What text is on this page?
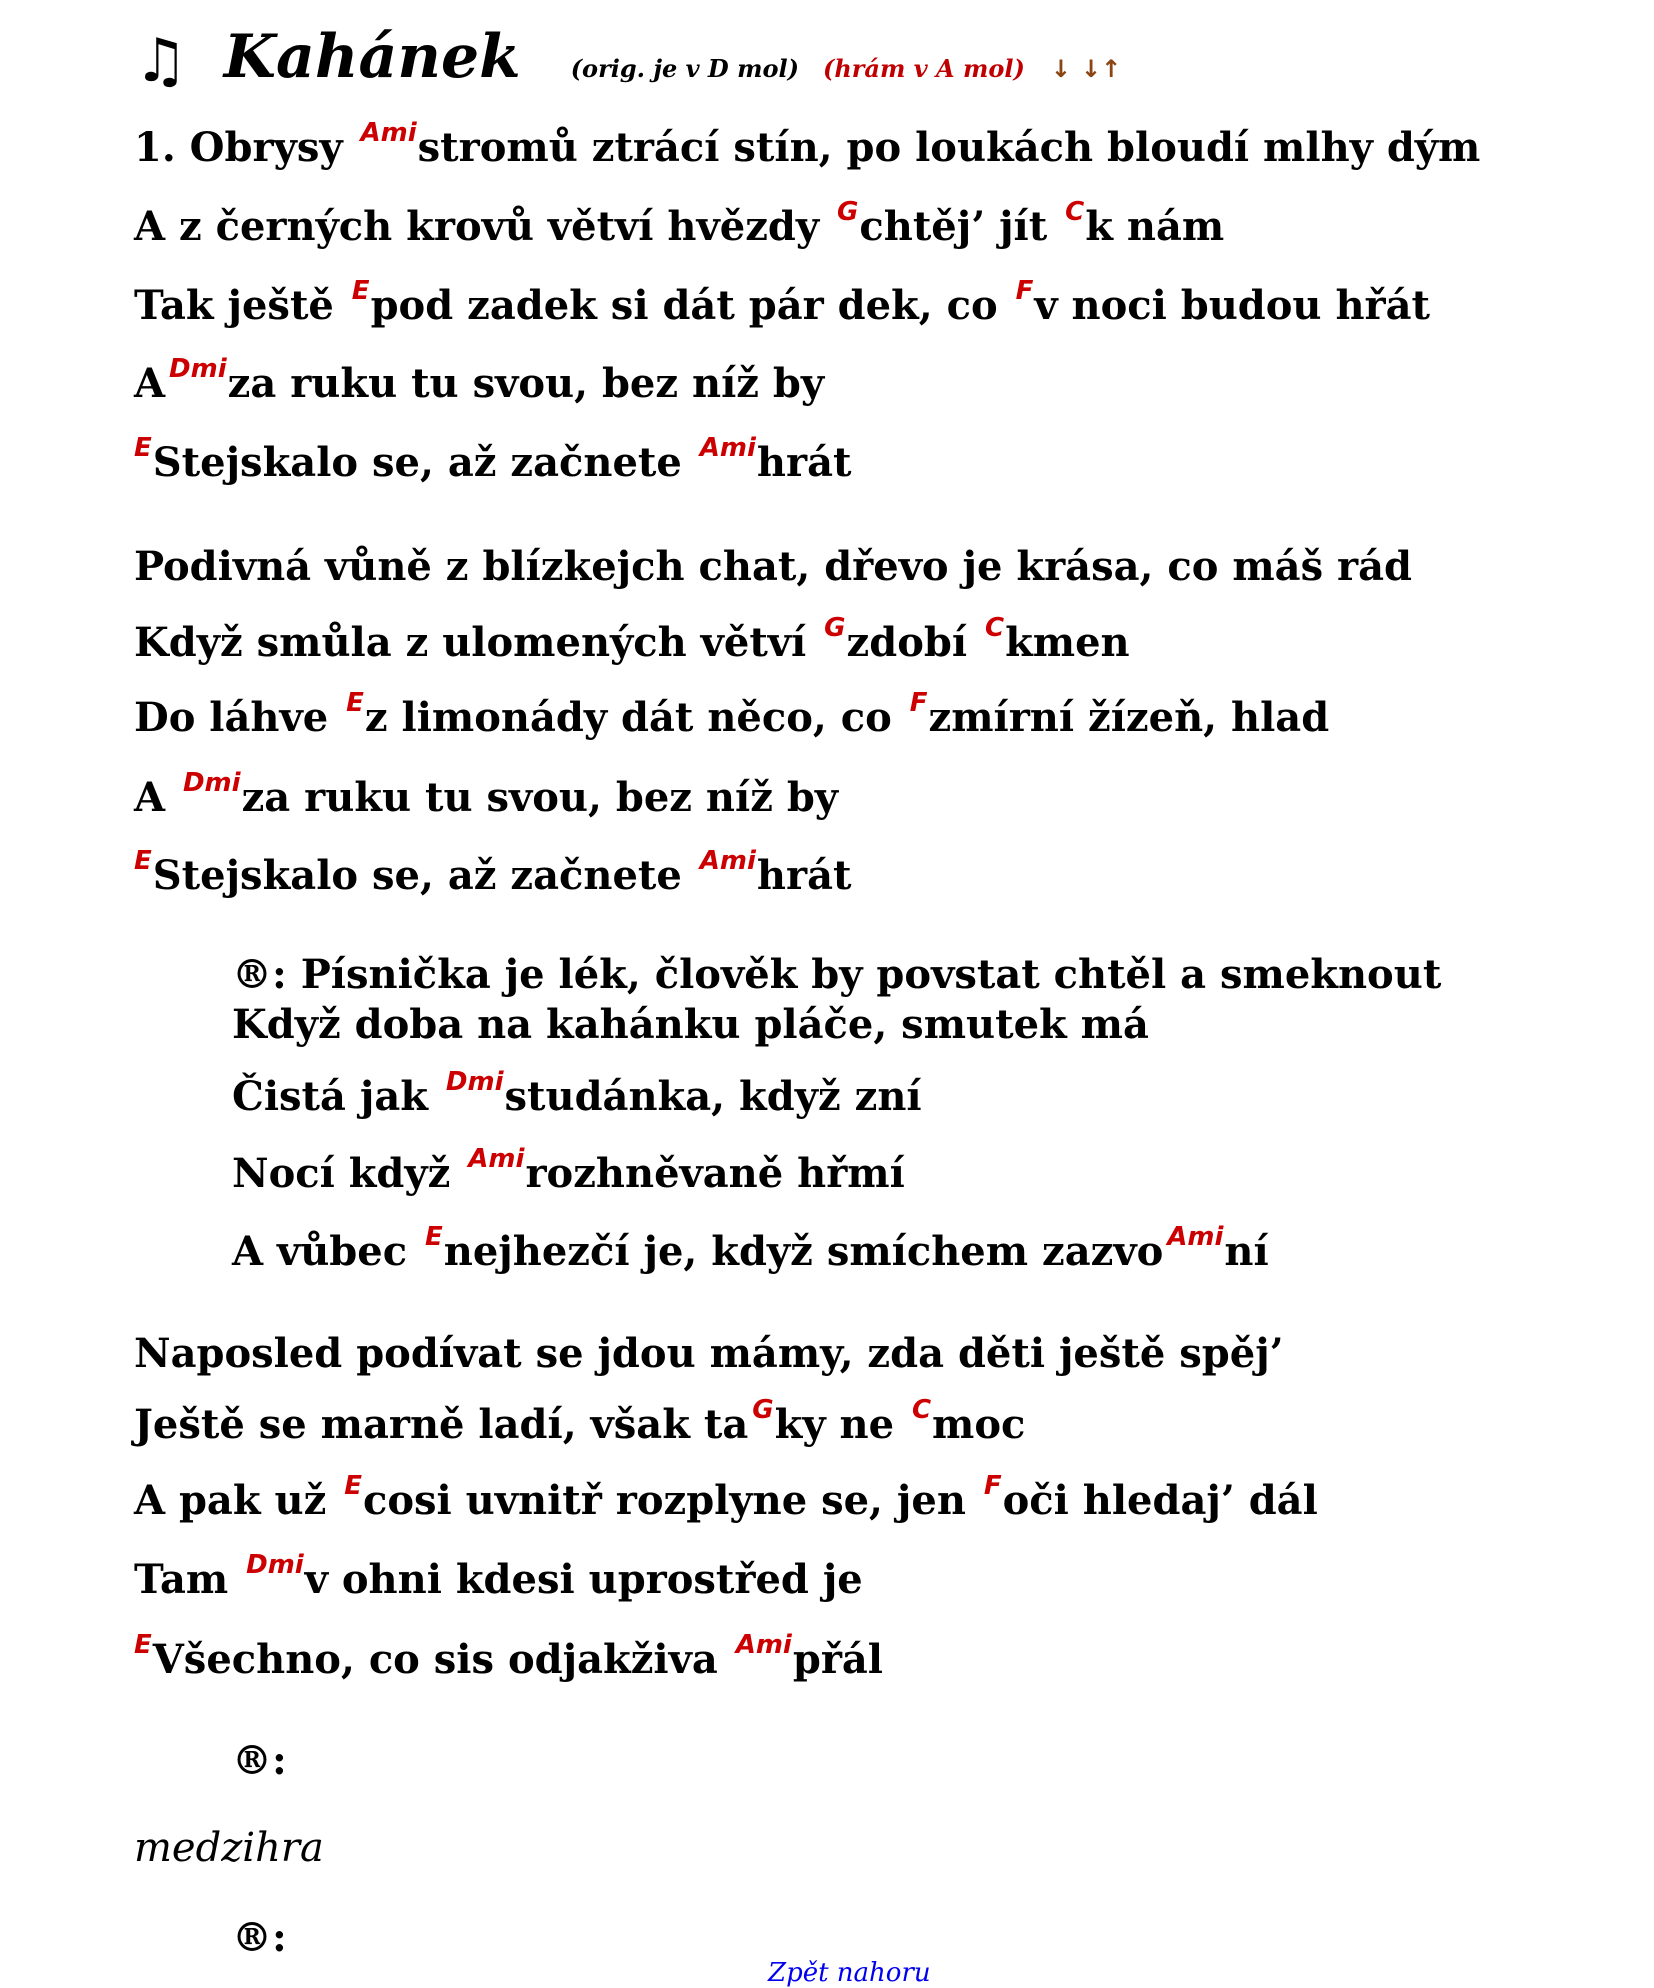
♫ Kahánek (orig. je v D mol) (hrám v A mol) ↓ ↓↑
1. Obrysy $^{Ami}$stromů ztrácí stín, po loukách bloudí mlhy dým
A z černých krovů větví hvězdy $^G$chtěj’ jít $^C$k nám
Tak ještě $^E$pod zadek si dát pár dek, co $^F$v noci budou hřát
A $^{Dmi}$za ruku tu svou, bez níž by
$^E$Stejskalo se, až začnete $^{Ami}$hrát
Podivná vůně z blízkejch chat, dřevo je krása, co máš rád
Když smůla z ulomených větví $^G$zdobí $^C$kmen
Do láhve $^E$z limonády dát něco, co $^F$zmírní žízeň, hlad
A $^{Dmi}$za ruku tu svou, bez níž by
$^E$Stejskalo se, až začnete $^{Ami}$hrát
®: Písnička je lék, člověk by povstat chtěl a smeknout
Když doba na kahánku pláče, smutek má
Čistá jak $^{Dmi}$studánka, když zní
Nocí když $^{Ami}$rozhněvaně hřmí
A vůbec $^E$nejhezčí je, když smíchem zazvo $^{Ami}$ní
Naposled podívat se jdou mámy, zda děti ještě spěj’
Ještě se marně ladí, však ta $^G$ky ne $^C$moc
A pak už $^E$cosi uvnitř rozplyne se, jen $^F$oči hledaj’ dál
Tam $^{Dmi}$v ohni kdesi uprostřed je
$^E$Všechno, co sis odjakživa $^{Ami}$přál
®:
medzihra
®:
Zpět nahoru
